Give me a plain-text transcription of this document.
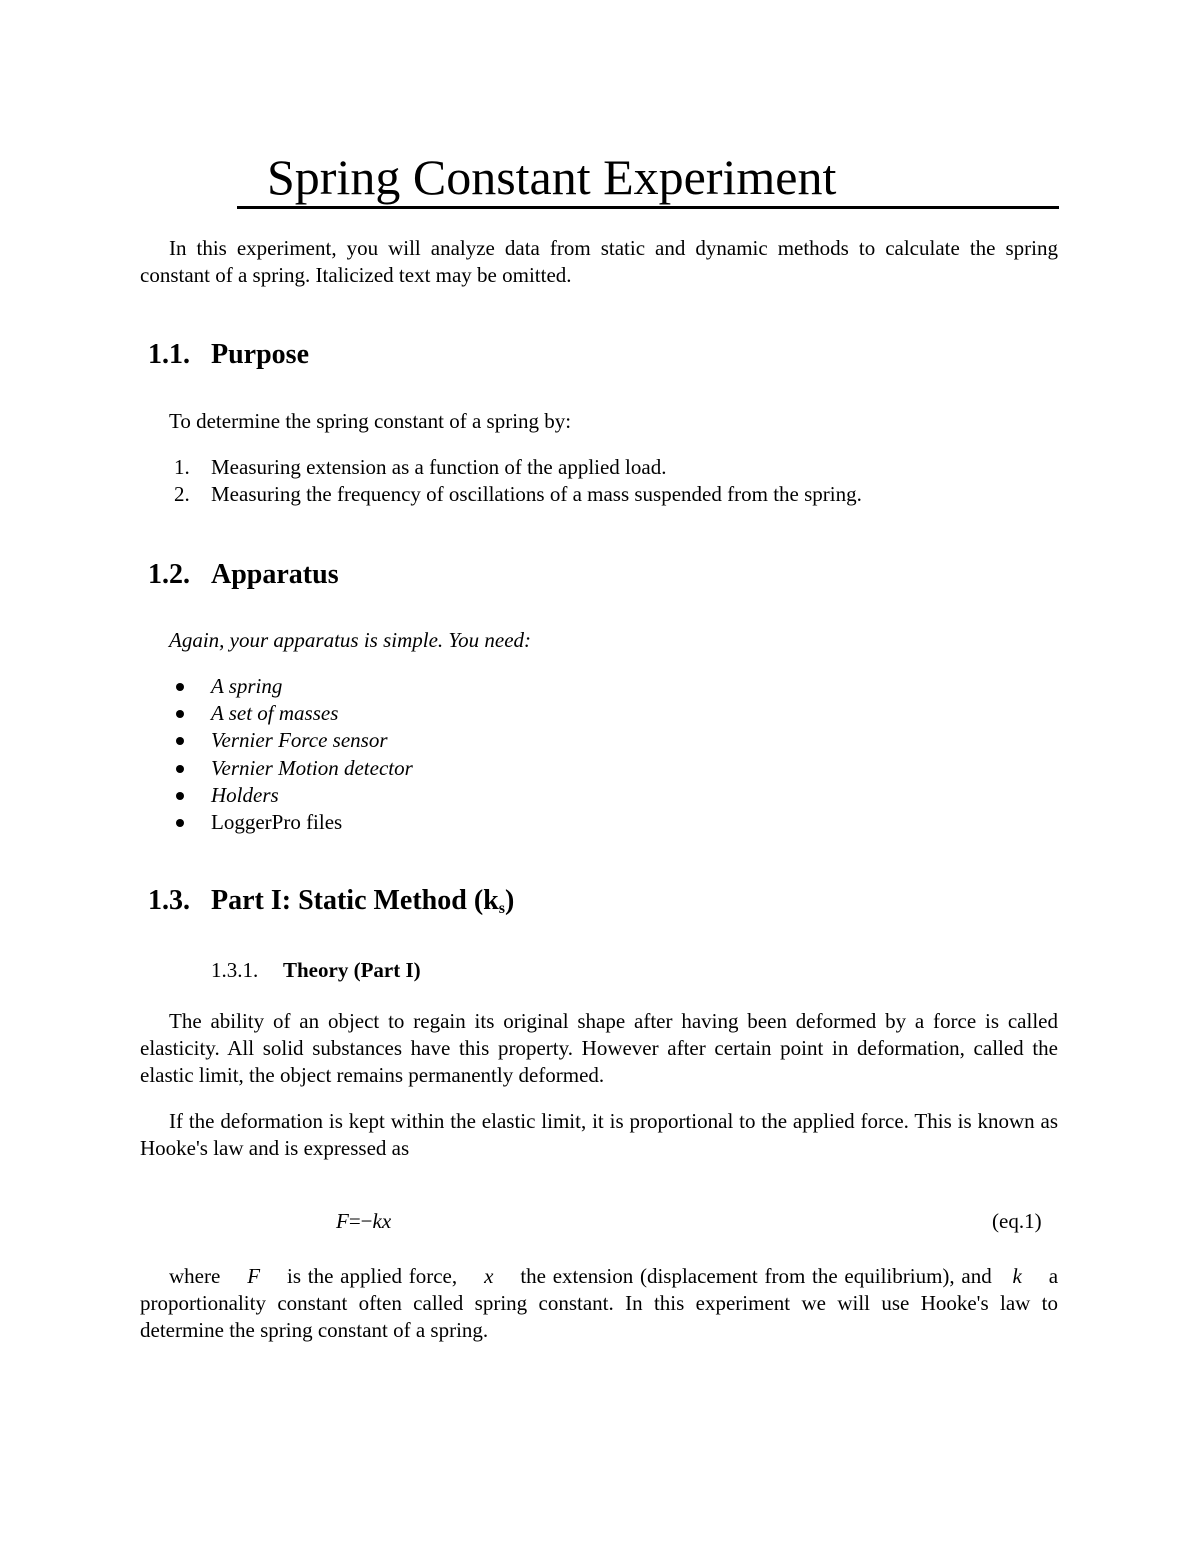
Spring Constant Experiment
In this experiment, you will analyze data from static and dynamic methods to calculate the spring constant of a spring. Italicized text may be omitted.
1.1. Purpose
To determine the spring constant of a spring by:
1. Measuring extension as a function of the applied load.
2. Measuring the frequency of oscillations of a mass suspended from the spring.
1.2. Apparatus
Again, your apparatus is simple. You need:
A spring
A set of masses
Vernier Force sensor
Vernier Motion detector
Holders
LoggerPro files
1.3. Part I: Static Method $(k_s)$
1.3.1. Theory (Part I)
The ability of an object to regain its original shape after having been deformed by a force is called elasticity. All solid substances have this property. However after certain point in deformation, called the elastic limit, the object remains permanently deformed.
If the deformation is kept within the elastic limit, it is proportional to the applied force. This is known as Hooke's law and is expressed as
F=−kx	(eq.1)
where F is the applied force, x the extension (displacement from the equilibrium), and k a proportionality constant often called spring constant. In this experiment we will use Hooke's law to determine the spring constant of a spring.
